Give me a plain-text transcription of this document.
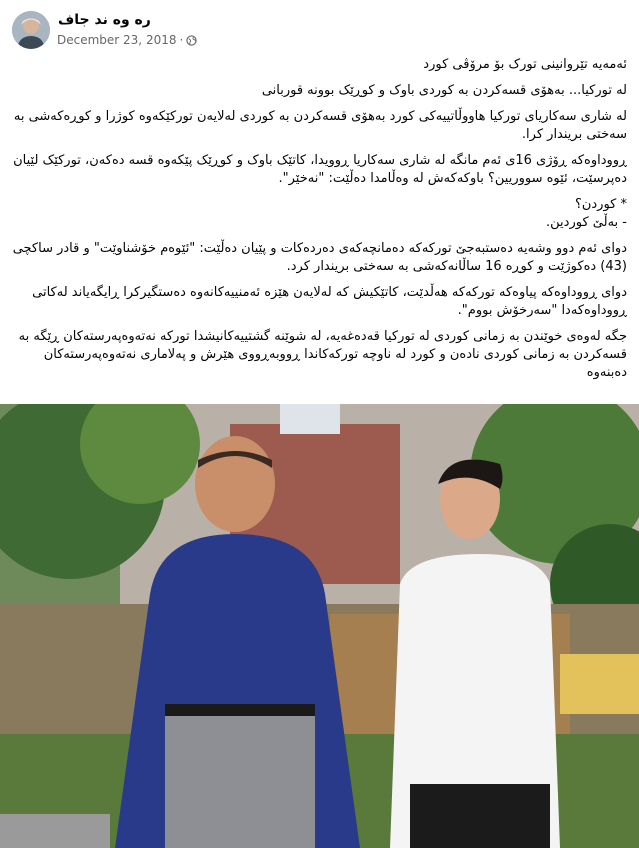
ره وه ند جاف
December 23, 2018 ·

ئەمەیە تێروانینی تورک بۆ مرۆڤی کورد

لە تورکیا... بەهۆی قسەکردن بە کوردی باوک و کوڕێک بوونە قوربانی

لە شاری سەکاریای تورکیا هاووڵاتییەکی کورد بەهۆی قسەکردن بە کوردی لەلایەن تورکێکەوە کوژرا و کوڕەکەشی بە سەختی بریندار کرا.

ڕووداوەکە ڕۆژی 16ی ئەم مانگە لە شاری سەکاریا ڕوویدا، کاتێک باوک و کوڕێک پێکەوە قسە دەکەن، تورکێک لێیان دەپرسێت، ئێوە سووریین؟ باوکەکەش لە وەڵامدا دەڵێت: "نەخێر".

* کوردن؟
- بەڵێ کوردین.

دوای ئەم دوو وشەیە دەستبەجێ تورکەکە دەمانچەکەی دەردەکات و پێیان دەڵێت: "ئێوەم خۆشناوێت" و قادر ساکچی (43) دەکوژێت و کوڕە 16 ساڵانەکەشی بە سەختی بریندار کرد.

دوای ڕووداوەکە پیاوەکە تورکەکە هەڵدێت، کاتێکیش کە لەلایەن هێزە ئەمنییەکانەوە دەستگیرکرا ڕایگەیاند لەکاتی ڕووداوەکەدا "سەرخۆش بووم".

جگە لەوەی خوێندن بە زمانی کوردی لە تورکیا قەدەغەیە، لە شوێنە گشتییەکانیشدا تورکە نەتەوەپەرستەکان ڕێگە بە قسەکردن بە زمانی کوردی نادەن و کورد لە ناوچە تورکەکاندا ڕووبەڕووی هێرش و پەلاماری نەتەوەپەرستەکان دەبنەوە
